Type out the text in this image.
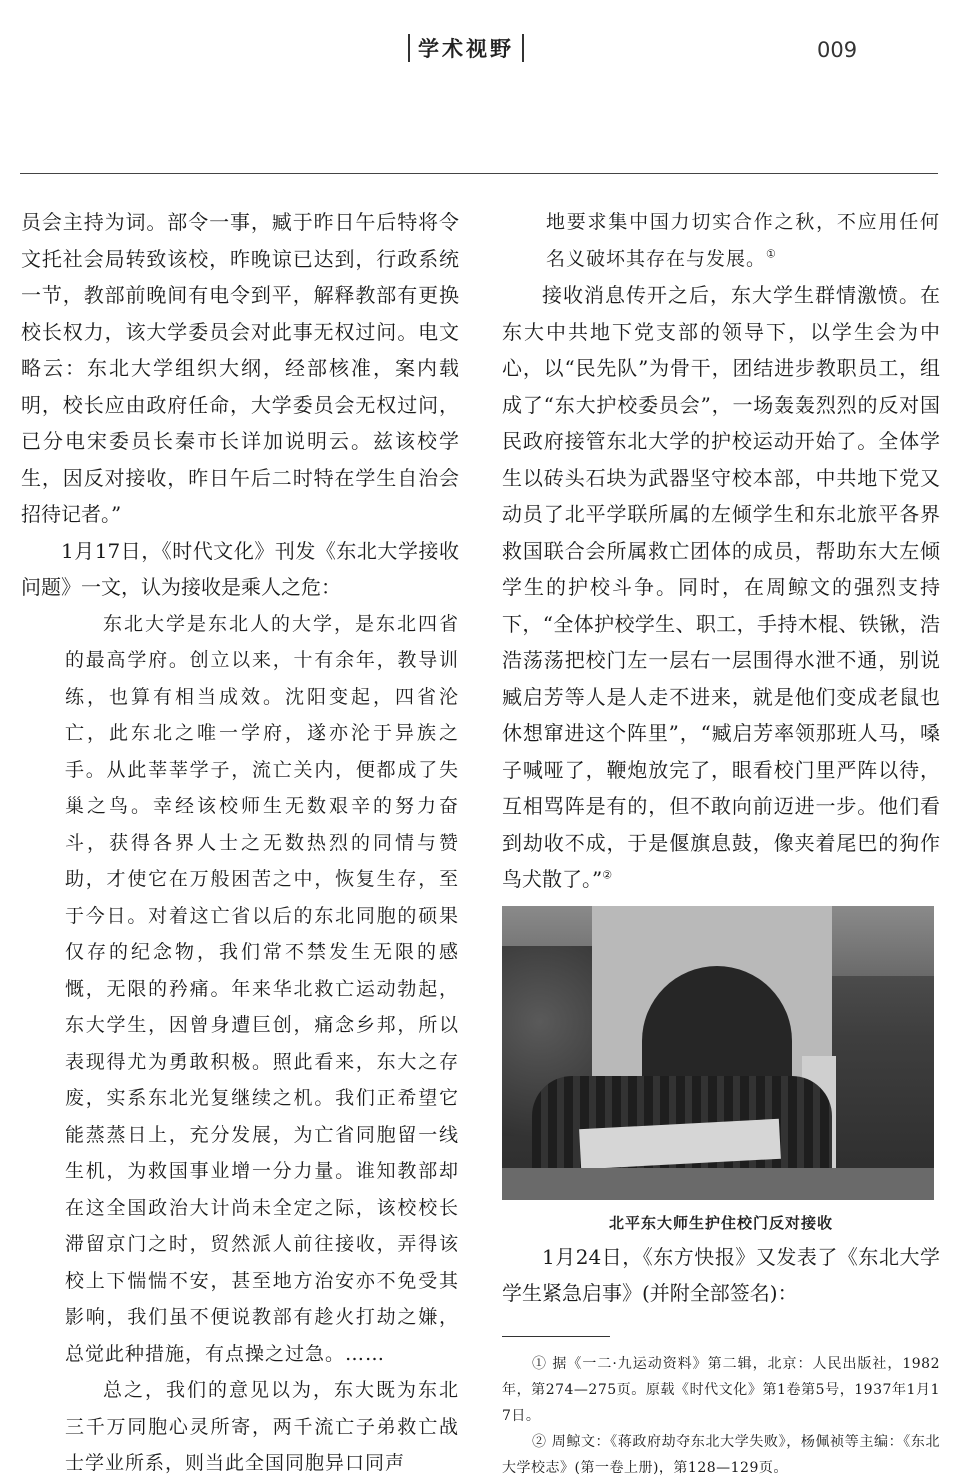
学术视野	009

员会主持为词。部令一事，臧于昨日午后特将令文托社会局转致该校，昨晚谅已达到，行政系统一节，教部前晚间有电令到平，解释教部有更换校长权力，该大学委员会对此事无权过问。电文略云：东北大学组织大纲，经部核准，案内载明，校长应由政府任命，大学委员会无权过问，已分电宋委员长秦市长详加说明云。兹该校学生，因反对接收，昨日午后二时特在学生自治会招待记者。”

1月17日，《时代文化》刊发《东北大学接收问题》一文，认为接收是乘人之危：

东北大学是东北人的大学，是东北四省的最高学府。创立以来，十有余年，教导训练，也算有相当成效。沈阳变起，四省沦亡，此东北之唯一学府，遂亦沦于异族之手。从此莘莘学子，流亡关内，便都成了失巢之鸟。幸经该校师生无数艰辛的努力奋斗，获得各界人士之无数热烈的同情与赞助，才使它在万般困苦之中，恢复生存，至于今日。对着这亡省以后的东北同胞的硕果仅存的纪念物，我们常不禁发生无限的感慨，无限的矜痛。年来华北救亡运动勃起，东大学生，因曾身遭巨创，痛念乡邦，所以表现得尤为勇敢积极。照此看来，东大之存废，实系东北光复继续之机。我们正希望它能蒸蒸日上，充分发展，为亡省同胞留一线生机，为救国事业增一分力量。谁知教部却在这全国政治大计尚未全定之际，该校校长滞留京门之时，贸然派人前往接收，弄得该校上下惴惴不安，甚至地方治安亦不免受其影响，我们虽不便说教部有趁火打劫之嫌，总觉此种措施，有点操之过急。……

总之，我们的意见以为，东大既为东北三千万同胞心灵所寄，两千流亡子弟救亡战士学业所系，则当此全国同胞异口同声

地要求集中国力切实合作之秋，不应用任何名义破坏其存在与发展。①

接收消息传开之后，东大学生群情激愤。在东大中共地下党支部的领导下，以学生会为中心，以“民先队”为骨干，团结进步教职员工，组成了“东大护校委员会”，一场轰轰烈烈的反对国民政府接管东北大学的护校运动开始了。全体学生以砖头石块为武器坚守校本部，中共地下党又动员了北平学联所属的左倾学生和东北旅平各界救国联合会所属救亡团体的成员，帮助东大左倾学生的护校斗争。同时，在周鲸文的强烈支持下，“全体护校学生、职工，手持木棍、铁锹，浩浩荡荡把校门左一层右一层围得水泄不通，别说臧启芳等人是人走不进来，就是他们变成老鼠也休想窜进这个阵里”，“臧启芳率领那班人马，嗓子喊哑了，鞭炮放完了，眼看校门里严阵以待，互相骂阵是有的，但不敢向前迈进一步。他们看到劫收不成，于是偃旗息鼓，像夹着尾巴的狗作鸟犬散了。”②

北平东大师生护住校门反对接收

1月24日，《东方快报》又发表了《东北大学学生紧急启事》(并附全部签名)：

① 据《一二·九运动资料》第二辑，北京：人民出版社，1982年，第274—275页。原载《时代文化》第1卷第5号，1937年1月17日。

② 周鲸文：《蒋政府劫夺东北大学失败》，杨佩祯等主编：《东北大学校志》(第一卷上册)，第128—129页。
